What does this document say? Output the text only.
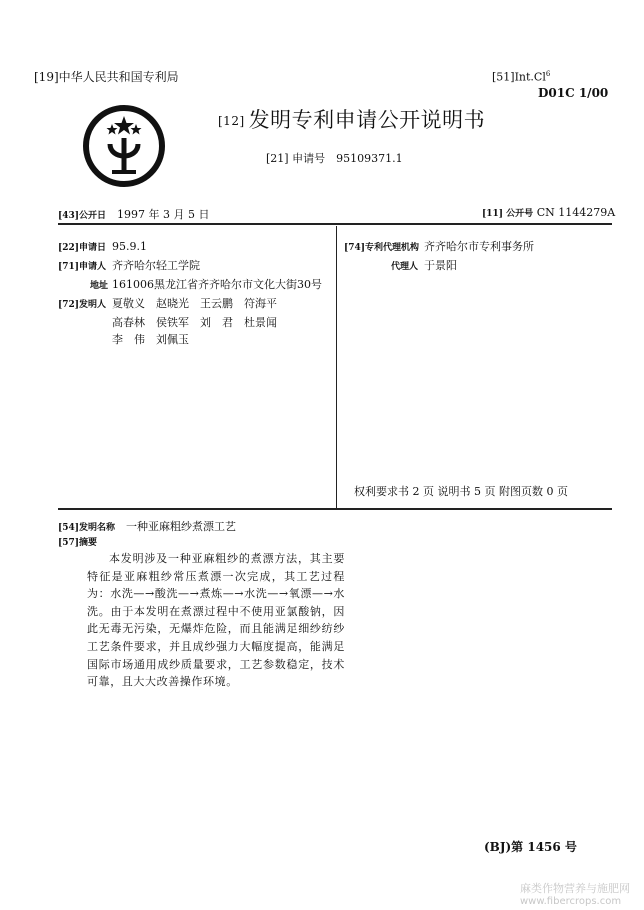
[19]中华人民共和国专利局	[51]Int.Cl$^6$
D01C 1/00
[12] 发明专利申请公开说明书
[21] 申请号　 95109371.1
[43]公开日　 1997 年 3 月 5 日	[11] 公开号 CN 1144279A
[22]申请日 95.9.1
[71]申请人 齐齐哈尔轻工学院
地址 161006黑龙江省齐齐哈尔市文化大街30号
[72]发明人 夏敬义　赵晓光　王云鹏　符海平
高春林　侯铁军　刘　君　杜景闻
李　伟　刘佩玉
[74]专利代理机构 齐齐哈尔市专利事务所
代理人 于景阳
权利要求书 2 页 说明书 5 页 附图页数 0 页
[54]发明名称　 一种亚麻粗纱煮漂工艺
[57]摘要
本发明涉及一种亚麻粗纱的煮漂方法，其主要特征是亚麻粗纱常压煮漂一次完成，其工艺过程为：水洗—→酸洗—→煮炼—→水洗—→氧漂—→水洗。由于本发明在煮漂过程中不使用亚氯酸钠，因此无毒无污染，无爆炸危险，而且能满足细纱纺纱工艺条件要求，并且成纱强力大幅度提高，能满足国际市场通用成纱质量要求，工艺参数稳定，技术可靠，且大大改善操作环境。
(BJ)第 1456 号
麻类作物营养与施肥网
www.fibercrops.com
